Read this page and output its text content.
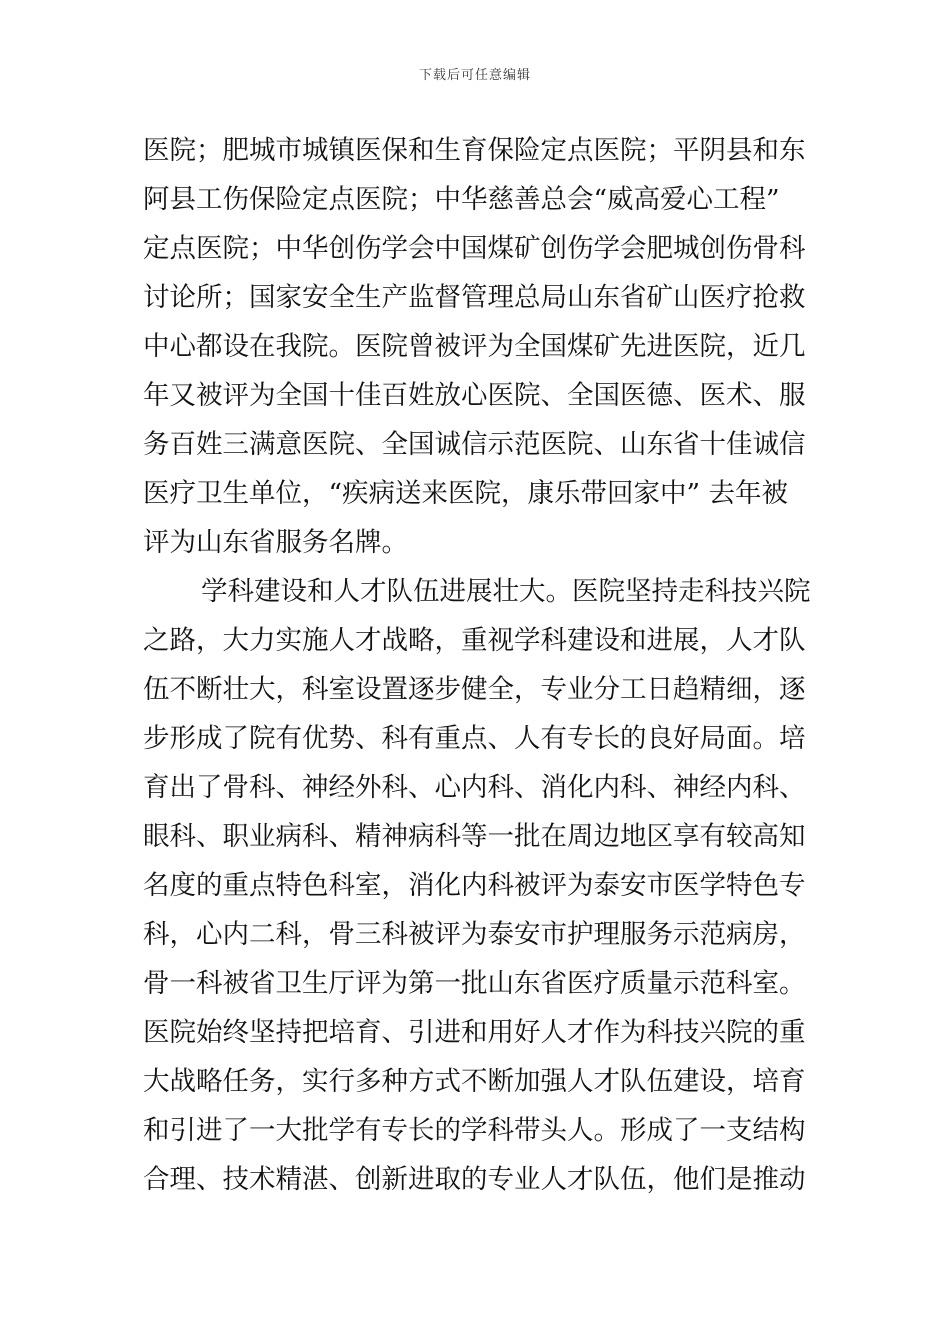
下载后可任意编辑
医院；肥城市城镇医保和生育保险定点医院；平阴县和东
阿县工伤保险定点医院；中华慈善总会“威高爱心工程”
定点医院；中华创伤学会中国煤矿创伤学会肥城创伤骨科
讨论所；国家安全生产监督管理总局山东省矿山医疗抢救
中心都设在我院。医院曾被评为全国煤矿先进医院，近几
年又被评为全国十佳百姓放心医院、全国医德、医术、服
务百姓三满意医院、全国诚信示范医院、山东省十佳诚信
医疗卫生单位，“疾病送来医院，康乐带回家中” 去年被
评为山东省服务名牌。
学科建设和人才队伍进展壮大。医院坚持走科技兴院
之路，大力实施人才战略，重视学科建设和进展，人才队
伍不断壮大，科室设置逐步健全，专业分工日趋精细，逐
步形成了院有优势、科有重点、人有专长的良好局面。培
育出了骨科、神经外科、心内科、消化内科、神经内科、
眼科、职业病科、精神病科等一批在周边地区享有较高知
名度的重点特色科室，消化内科被评为泰安市医学特色专
科，心内二科，骨三科被评为泰安市护理服务示范病房，
骨一科被省卫生厅评为第一批山东省医疗质量示范科室。
医院始终坚持把培育、引进和用好人才作为科技兴院的重
大战略任务，实行多种方式不断加强人才队伍建设，培育
和引进了一大批学有专长的学科带头人。形成了一支结构
合理、技术精湛、创新进取的专业人才队伍，他们是推动
